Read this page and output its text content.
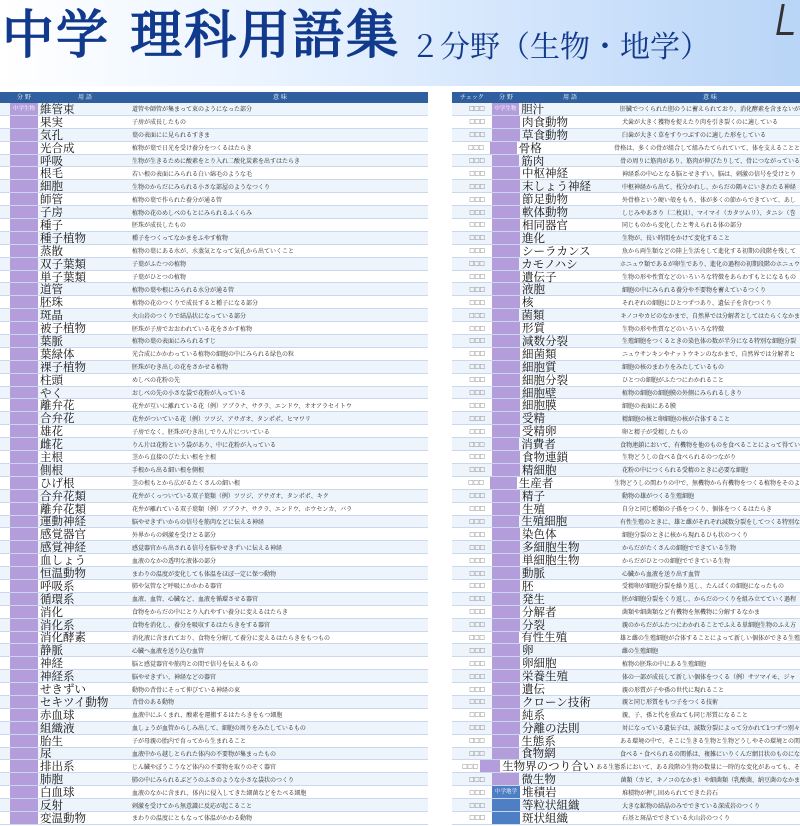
中学 理科用語集 ２分野（生物・地学）
分 野	用 語	意 味
中学生物 維管束	道管や師管が集まって束のようになった部分
果実	子房が成長したもの
気孔	葉の表面にに見られるすきま
光合成	植物が葉で日光を受け養分をつくるはたらき
呼吸	生物が生きるために酸素をとり入れ二酸化炭素を出すはたらき
根毛	若い根の表面にみられる白い綿毛のような毛
細胞	生物のからだにみられる小さな部屋のようなつくり
師管	植物の葉で作られた養分が通る管
子房	植物の花のめしべのもとにみられるふくらみ
種子	胚珠が成長したもの
種子植物	種子をつくってなかまをふやす植物
蒸散	植物の葉にある水が、水蒸気となって気孔から出ていくこと
双子葉類	子葉がふたつの植物
単子葉類	子葉がひとつの植物
道管	植物の葉や根にみられる水分が通る管
胚珠	植物の花のつくりで成長すると種子になる部分
斑晶	火山岩のつくりで結晶状になっている部分
被子植物	胚珠が子房でおおわれている花をさかす植物
葉脈	植物の葉の表面にみられるすじ
葉緑体	光合成にかかわっている植物の細胞の中にみられる緑色の粒
裸子植物	胚珠がむき出しの花をさかせる植物
柱頭	めしべの花粉の先
やく	おしべの先の小さな袋で花粉が入っている
離弁花	花弁が互いに離れている花（例）アブラナ、サクラ、エンドウ、オオアラセイトウ
合弁花	花弁がついている花（例）ツツジ、アサガオ、タンポポ、ヒマワリ
雄花	子房でなく、胚珠がむき出しでりん片についている
雌花	りん片は花粉という袋があり、中に花粉が入っている
主根	茎から直接のびた太い根を主根
側根	手根から出る細い根を側根
ひげ根	茎の根もとから広がるたくさんの細い根
合弁花類	花弁がくっついている双子葉類（例）ツツジ、アサガオ、タンポポ、キク
離弁花類	花弁が離れている双子葉類（例）アブラナ、サクラ、エンドウ、ホウセンカ、バラ
運動神経	脳やせきずいからの信号を筋肉などに伝える神経
感覚器官	外界からの刺激を受けとる部分
感覚神経	感覚器官から出される信号を脳やせきずいに伝える神経
血しょう	血液のなかの透明な液体の部分
恒温動物	まわりの温度が変化しても体温をほぼ一定に保つ動物
呼吸系	肺や気管など呼吸にかかわる器官
循環系	血液、血管、心臓など、血液を循環させる器官
消化	食物をからだの中にとり入れやすい養分に変えるはたらき
消化系	食物を消化し、養分を吸収するはたらきをする器官
消化酵素	消化液に含まれており、食物を分解して養分に変えるはたらきをもつもの
静脈	心臓へ血液を送り込む血管
神経	脳と感覚器官や筋肉との間で信号を伝えるもの
神経系	脳やせきずい、神経などの器官
せきずい	動物の背骨にそって伸びている神経の束
セキツイ動物	背骨のある動物
赤血球	血液中にふくまれ、酸素を運搬するはたらきをもつ細胞
組織液	血しょうが血管からしみ出して、細胞の周りをみたしているもの
胎生	子が母親の胎内で育ってから生まれること
尿	血液中から越しとられた体内の不要物が集まったもの
排出系	じん臓やぼうこうなど体内の不要物を取りのぞく器官
肺胞	肺の中にみられるぶどうのふさのような小さな袋状のつくり
白血球	血液のなかに含まれ、体内に侵入してきた細菌などをたべる細胞
反射	刺激を受けてから無意識に反応が起こること
変温動物	まわりの温度にともなって体温がかわる動物
チェック	分 野	用 語	意 味
□□□	中学生物 胆汁	肝臓でつくられた胆のうに蓄えられており、消化酵素を含まないが
□□□	肉食動物	犬歯が大きく獲物を捉えたり肉を引き裂くのに適している
□□□	草食動物	臼歯が大きく草をすりつぶすのに適した形をしている
□□□	骨格	骨格は、多くの骨が組合して組みたてられていて、体を支えることと
□□□	筋肉	骨の周りに筋肉があり、筋肉が伸びたりして、骨につながっている
□□□	中枢神経	神経系の中心となる脳とせきずい。脳は、刺激の信号を受けとり
□□□	末しょう神経	中枢神経から出て、枝分かれし、からだの隅々にいきわたる神経
□□□	節足動物	外骨格という硬い殻をもち、体が多くの節からできていて、あし
□□□	軟体動物	しじみやあさり（二枚貝）、マイマイ（カタツムリ）、タニシ（巻
□□□	相同器官	同じものから変化したと考えられる体の部分
□□□	進化	生物が、長い時間をかけて変化すること
□□□	シーラカンス	魚から両生類などの陸上生活をして進化する初期の段階を残して
□□□	カモノハシ	ホニュウ類であるが卵生であり、進化の過程の初期段階のホニュウ
□□□	遺伝子	生物の形や性質などのいろいろな特徴をあらわすもとになるもの
□□□	液胞	細胞の中にみられる養分や不要物を蓄えているつくり
□□□	核	それぞれの細胞にひとつずつあり、遺伝子を含むつくり
□□□	菌類	キノコやカビのなかまで、自然界では分解者としてはたらくなかま
□□□	形質	生物の形や性質などのいろいろな特徴
□□□	減数分裂	生殖細胞をつくるときの染色体の数が半分になる特別な細胞分裂
□□□	細菌類	ニュウサンキンやナットウキンのなかまで、自然界では分解者と
□□□	細胞質	細胞の核のまわりをみたしているもの
□□□	細胞分裂	ひとつの細胞がふたつにわかれること
□□□	細胞壁	植物の細胞の細胞膜の外側にみられるしきり
□□□	細胞膜	細胞の表面にある膜
□□□	受精	精細胞の核と卵細胞の核が合体すること
□□□	受精卵	卵と精子が受精したもの
□□□	消費者	食物連鎖において、有機物を他のものを食べることによって得てい
□□□	食物連鎖	生物どうしの食べる食べられるのつながり
□□□	精細胞	花粉の中につくられる受精のときに必要な細胞
□□□	生産者	生物どうしの関わりの中で、無機物から有機物をつくる植物をそのよ
□□□	精子	動物の雄がつくる生殖細胞
□□□	生殖	自分と同じ種類の子孫をつくり、個体をつくるはたらき
□□□	生殖細胞	有性生殖のときに、雄と雌がそれぞれ減数分裂をしてつくる特別な
□□□	染色体	細胞分裂のときに核から現れるひも状のつくり
□□□	多細胞生物	からだがたくさんの細胞でできている生物
□□□	単細胞生物	からだがひとつの細胞でできている生物
□□□	動脈	心臓から血液を送り出す血管
□□□	胚	受精卵が細胞分裂を繰り返し、たんぱくの細胞になったもの
□□□	発生	胚が細胞分裂をくり返し、からだのつくりを組み立てていく過程
□□□	分解者	菌類や細菌類など有機物を無機物に分解するなかま
□□□	分裂	親のからだがふたつにわかれることでふえる単細胞生物のふえ方
□□□	有性生殖	雄と雌の生殖細胞が合体することによって新しい個体ができる生殖
□□□	卵	雌の生殖細胞
□□□	卵細胞	植物の胚珠の中にある生殖細胞
□□□	栄養生殖	体の一部が成長して新しい個体をつくる（例）サツマイモ、ジャ
□□□	遺伝	親の形質が子や孫の世代に現れること
□□□	クローン技術	親と同じ形質をもつ子をつくる技術
□□□	純系	親、子、孫と代を重ねても同じ形質になること
□□□	分離の法則	対になっている遺伝子は、減数分裂によって分かれて1つずつ別々
□□□	生態系	ある環境の中で、そこに生きる生物と生物どうしやその環境との関
□□□	食物網	食べる・食べられるの関係は、複雑にいりくんだ網目状のものにな
□□□ 生物界のつり合い ある生態系において、ある段階の生物の数量に一時的な変化があっても、そ
□□□	微生物	菌類（カビ、キノコのなかま）や細菌類（乳酸菌、納豆菌のなかま
□□□	中学地学 堆積岩	堆積物が押し固められてできた岩石
□□□	等粒状組織	大きな鉱物の結晶のみでできている深成岩のつくり
□□□	斑状組織	石基と斑晶でできている火山岩のつくり
